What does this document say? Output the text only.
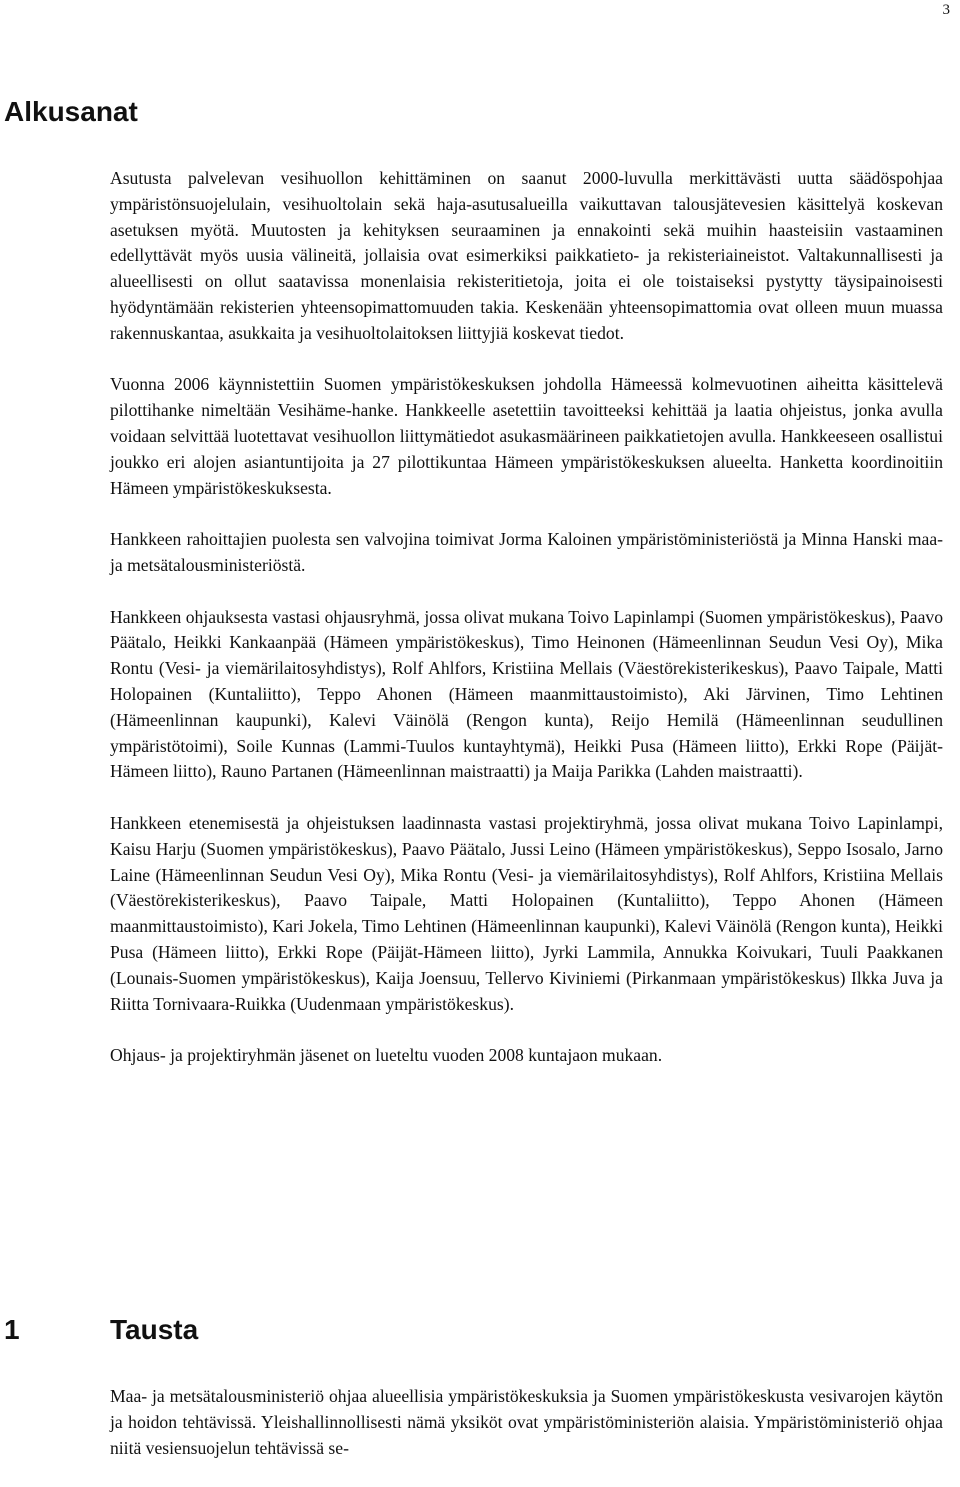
3
Alkusanat

Asutusta palvelevan vesihuollon kehittäminen on saanut 2000-luvulla merkittävästi uutta säädöspohjaa ympäristönsuojelulain, vesihuoltolain sekä haja-asutusalueilla vaikuttavan talousjätevesien käsittelyä koskevan asetuksen myötä. Muutosten ja kehityksen seuraaminen ja ennakointi sekä muihin haasteisiin vastaaminen edellyttävät myös uusia välineitä, jollaisia ovat esimerkiksi paikkatieto- ja rekisteriaineistot. Valtakunnallisesti ja alueellisesti on ollut saatavissa monenlaisia rekisteritietoja, joita ei ole toistaiseksi pystytty täysipainoisesti hyödyntämään rekisterien yhteensopimattomuuden takia. Keskenään yhteensopimattomia ovat olleen muun muassa rakennuskantaa, asukkaita ja vesihuoltolaitoksen liittyjiä koskevat tiedot.

Vuonna 2006 käynnistettiin Suomen ympäristökeskuksen johdolla Hämeessä kolmevuotinen aiheitta käsittelevä pilottihanke nimeltään Vesihäme-hanke. Hankkeelle asetettiin tavoitteeksi kehittää ja laatia ohjeistus, jonka avulla voidaan selvittää luotettavat vesihuollon liittymätiedot asukasmäärineen paikkatietojen avulla. Hankkeeseen osallistui joukko eri alojen asiantuntijoita ja 27 pilottikuntaa Hämeen ympäristökeskuksen alueelta. Hanketta koordinoitiin Hämeen ympäristökeskuksesta.

Hankkeen rahoittajien puolesta sen valvojina toimivat Jorma Kaloinen ympäristöministeriöstä ja Minna Hanski maa- ja metsätalousministeriöstä.

Hankkeen ohjauksesta vastasi ohjausryhmä, jossa olivat mukana Toivo Lapinlampi (Suomen ympäristökeskus), Paavo Päätalo, Heikki Kankaanpää (Hämeen ympäristökeskus), Timo Heinonen (Hämeenlinnan Seudun Vesi Oy), Mika Rontu (Vesi- ja viemärilaitosyhdistys), Rolf Ahlfors, Kristiina Mellais (Väestörekisterikeskus), Paavo Taipale, Matti Holopainen (Kuntaliitto), Teppo Ahonen (Hämeen maanmittaustoimisto), Aki Järvinen, Timo Lehtinen (Hämeenlinnan kaupunki), Kalevi Väinölä (Rengon kunta), Reijo Hemilä (Hämeenlinnan seudullinen ympäristötoimi), Soile Kunnas (Lammi-Tuulos kuntayhtymä), Heikki Pusa (Hämeen liitto), Erkki Rope (Päijät-Hämeen liitto), Rauno Partanen (Hämeenlinnan maistraatti) ja Maija Parikka (Lahden maistraatti).

Hankkeen etenemisestä ja ohjeistuksen laadinnasta vastasi projektiryhmä, jossa olivat mukana Toivo Lapinlampi, Kaisu Harju (Suomen ympäristökeskus), Paavo Päätalo, Jussi Leino (Hämeen ympäristökeskus), Seppo Isosalo, Jarno Laine (Hämeenlinnan Seudun Vesi Oy), Mika Rontu (Vesi- ja viemärilaitosyhdistys), Rolf Ahlfors, Kristiina Mellais (Väestörekisterikeskus), Paavo Taipale, Matti Holopainen (Kuntaliitto), Teppo Ahonen (Hämeen maanmittaustoimisto), Kari Jokela, Timo Lehtinen (Hämeenlinnan kaupunki), Kalevi Väinölä (Rengon kunta), Heikki Pusa (Hämeen liitto), Erkki Rope (Päijät-Hämeen liitto), Jyrki Lammila, Annukka Koivukari, Tuuli Paakkanen (Lounais-Suomen ympäristökeskus), Kaija Joensuu, Tellervo Kiviniemi (Pirkanmaan ympäristökeskus) Ilkka Juva ja Riitta Tornivaara-Ruikka (Uudenmaan ympäristökeskus).

Ohjaus- ja projektiryhmän jäsenet on lueteltu vuoden 2008 kuntajaon mukaan.

1	Tausta

Maa- ja metsätalousministeriö ohjaa alueellisia ympäristökeskuksia ja Suomen ympäristökeskusta vesivarojen käytön ja hoidon tehtävissä. Yleishallinnollisesti nämä yksiköt ovat ympäristöministeriön alaisia. Ympäristöministeriö ohjaa niitä vesiensuojelun tehtävissä se-
